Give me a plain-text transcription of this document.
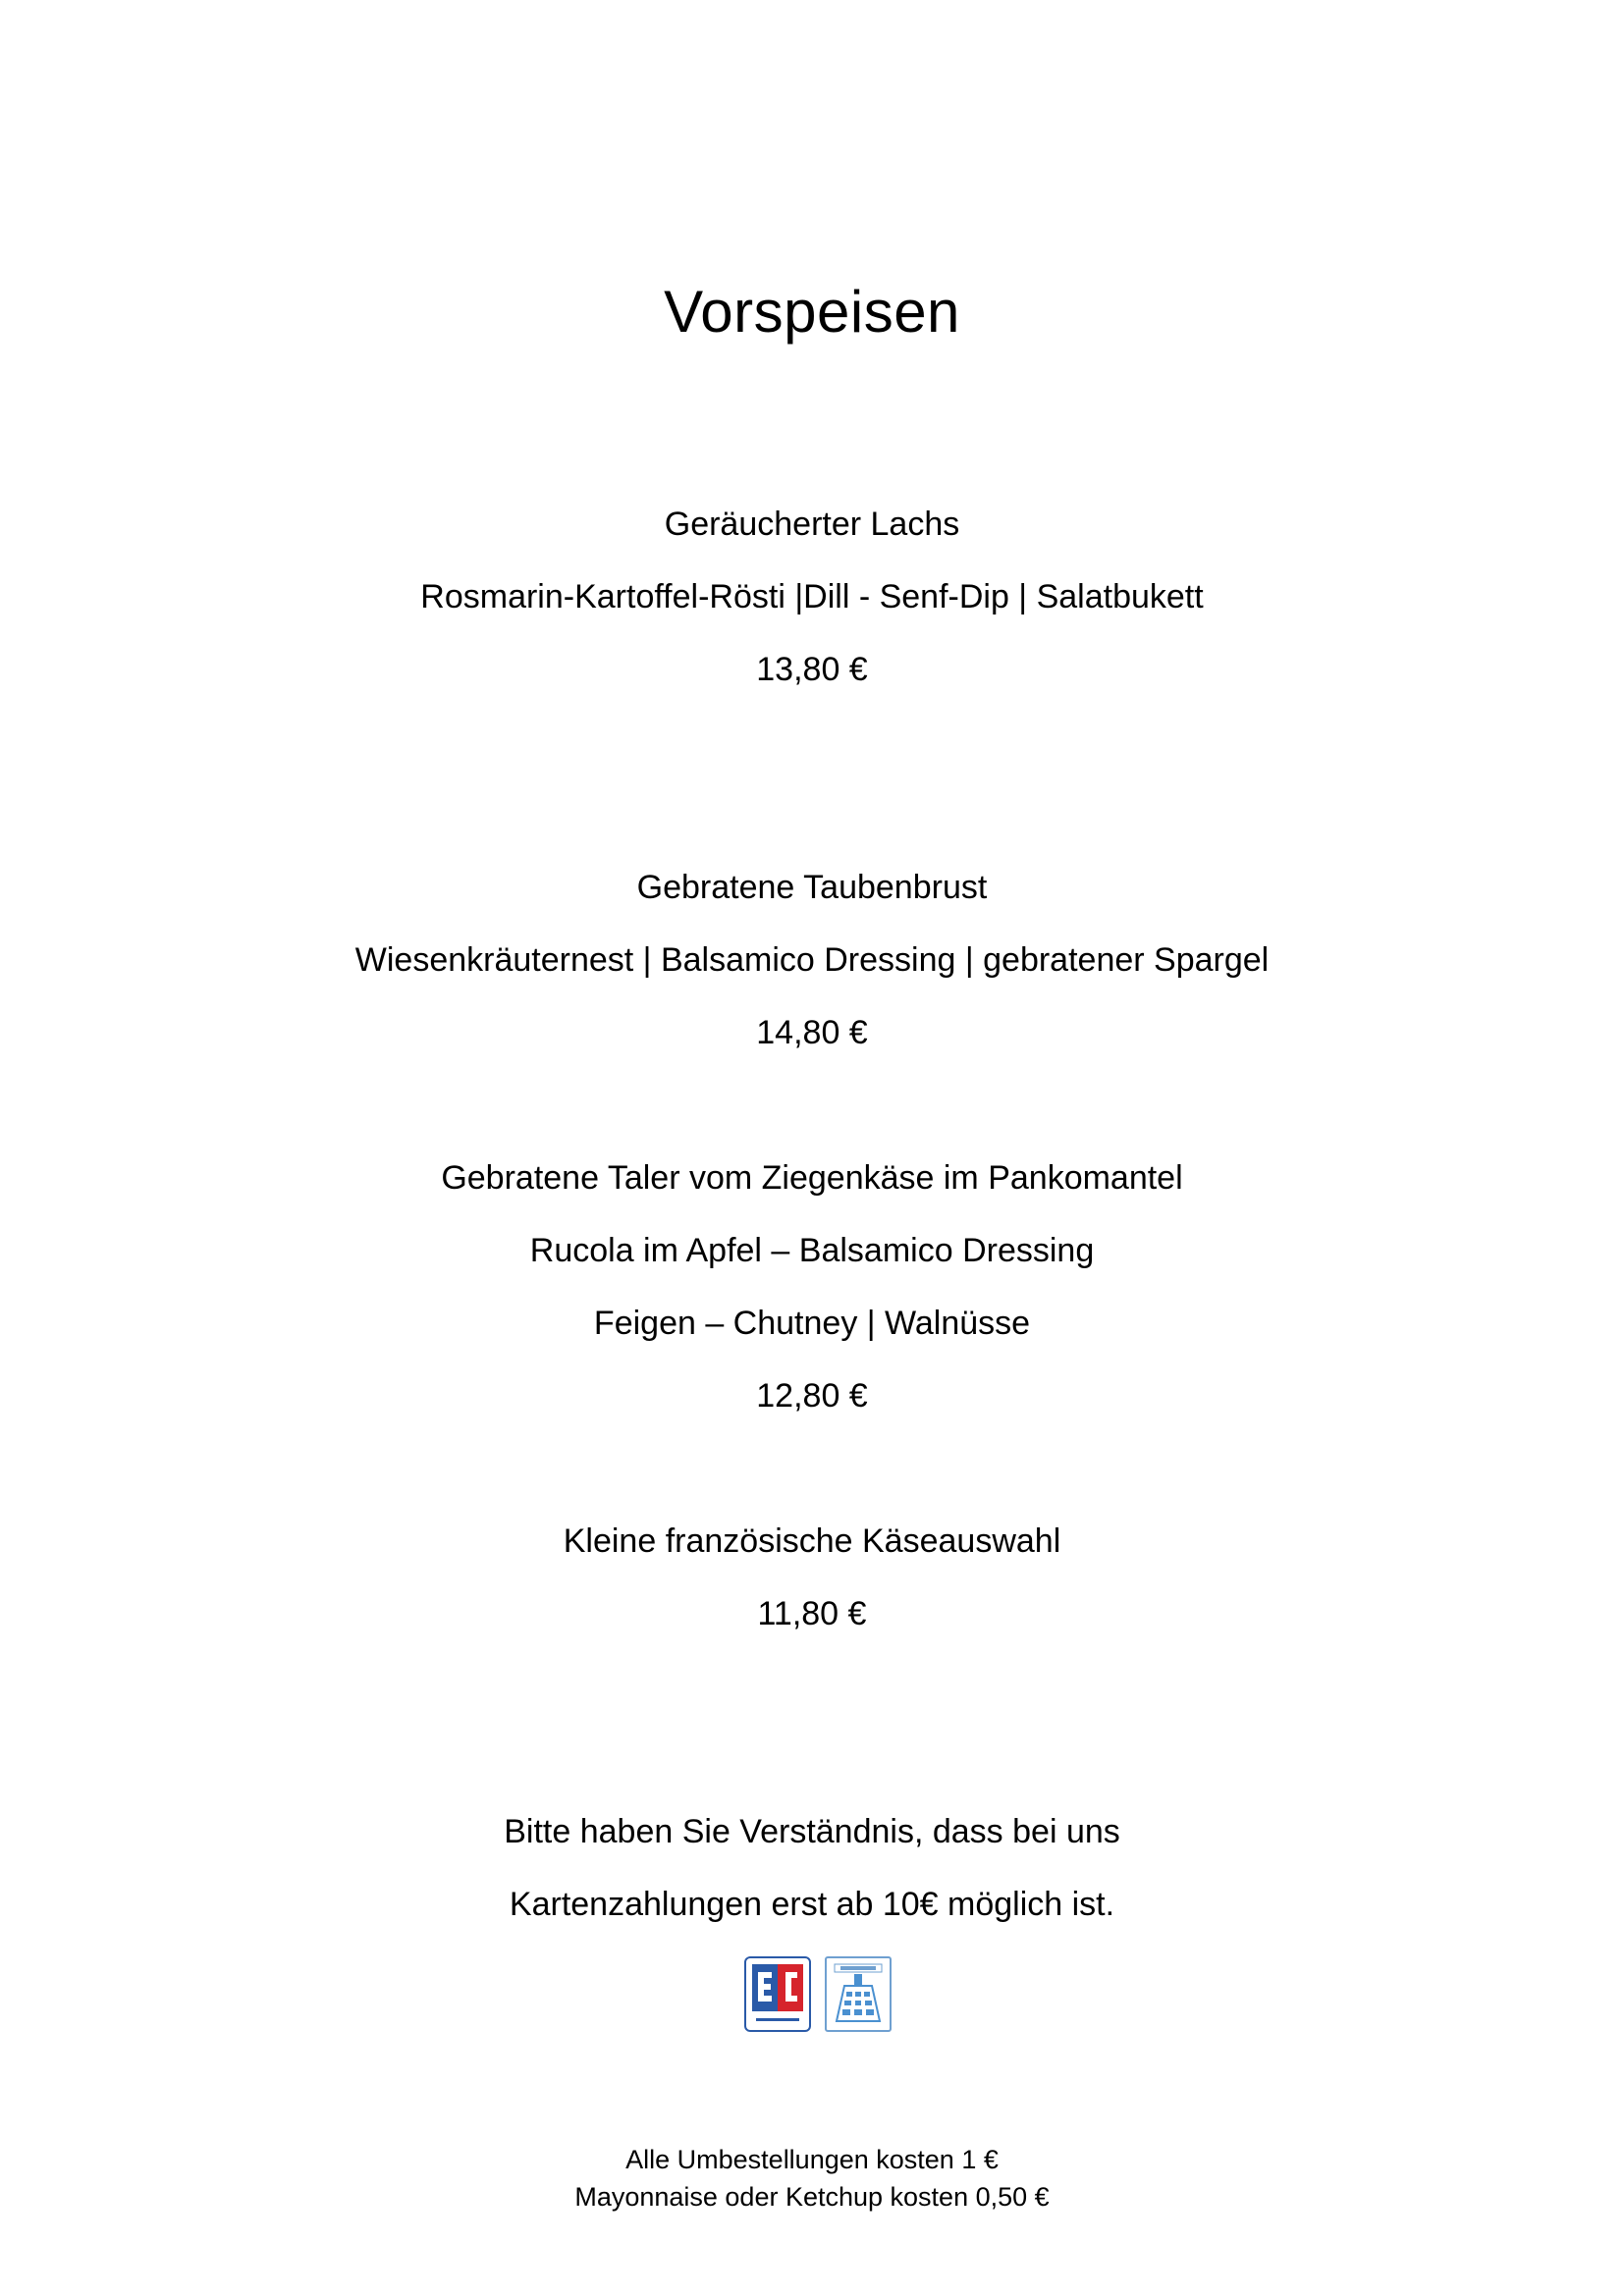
Vorspeisen
Geräucherter Lachs
Rosmarin-Kartoffel-Rösti |Dill - Senf-Dip | Salatbukett
13,80 €
Gebratene Taubenbrust
Wiesenkräuternest | Balsamico Dressing | gebratener Spargel
14,80 €
Gebratene Taler vom Ziegenkäse im Pankomantel
Rucola im Apfel – Balsamico Dressing
Feigen – Chutney | Walnüsse
12,80 €
Kleine französische Käseauswahl
11,80 €
Bitte haben Sie Verständnis, dass bei uns
Kartenzahlungen erst ab 10€ möglich ist.
Alle Umbestellungen kosten 1 €
Mayonnaise oder Ketchup kosten 0,50 €
